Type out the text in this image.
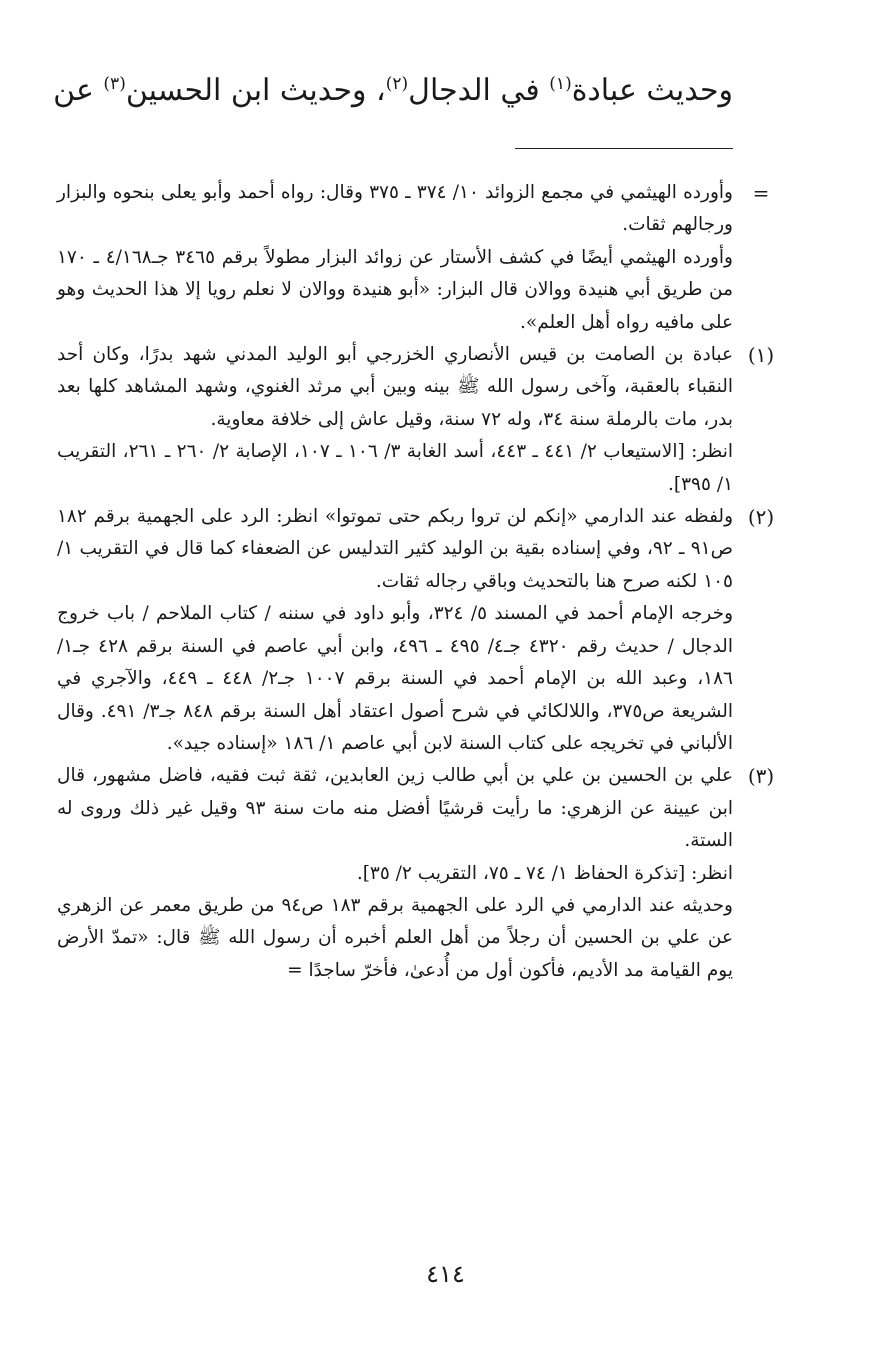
وحديث عبادة$^{(١)}$ في الدجال$^{(٢)}$، وحديث ابن الحسين$^{(٣)}$ عن
=

وأورده الهيثمي في مجمع الزوائد ١٠/ ٣٧٤ ـ ٣٧٥ وقال: رواه أحمد وأبو يعلى بنحوه والبزار ورجالهم ثقات.

وأورده الهيثمي أيضًا في كشف الأستار عن زوائد البزار مطولاً برقم ٣٤٦٥ جـ٤/١٦٨ ـ ١٧٠ من طريق أبي هنيدة ووالان قال البزار: «أبو هنيدة ووالان لا نعلم رويا إلا هذا الحديث وهو على مافيه رواه أهل العلم».

(١)

عبادة بن الصامت بن قيس الأنصاري الخزرجي أبو الوليد المدني شهد بدرًا، وكان أحد النقباء بالعقبة، وآخى رسول الله ﷺ بينه وبين أبي مرثد الغنوي، وشهد المشاهد كلها بعد بدر، مات بالرملة سنة ٣٤، وله ٧٢ سنة، وقيل عاش إلى خلافة معاوية.

انظر: [الاستيعاب ٢/ ٤٤١ ـ ٤٤٣، أسد الغابة ٣/ ١٠٦ ـ ١٠٧، الإصابة ٢/ ٢٦٠ ـ ٢٦١، التقريب ١/ ٣٩٥].

(٢)

ولفظه عند الدارمي «إنكم لن تروا ربكم حتى تموتوا» انظر: الرد على الجهمية برقم ١٨٢ ص٩١ ـ ٩٢، وفي إسناده بقية بن الوليد كثير التدليس عن الضعفاء كما قال في التقريب ١/ ١٠٥ لكنه صرح هنا بالتحديث وباقي رجاله ثقات.

وخرجه الإمام أحمد في المسند ٥/ ٣٢٤، وأبو داود في سننه / كتاب الملاحم / باب خروج الدجال / حديث رقم ٤٣٢٠ جـ٤/ ٤٩٥ ـ ٤٩٦، وابن أبي عاصم في السنة برقم ٤٢٨ جـ١/ ١٨٦، وعبد الله بن الإمام أحمد في السنة برقم ١٠٠٧ جـ٢/ ٤٤٨ ـ ٤٤٩، والآجري في الشريعة ص٣٧٥، واللالكائي في شرح أصول اعتقاد أهل السنة برقم ٨٤٨ جـ٣/ ٤٩١. وقال الألباني في تخريجه على كتاب السنة لابن أبي عاصم ١/ ١٨٦ «إسناده جيد».

(٣)

علي بن الحسين بن علي بن أبي طالب زين العابدين، ثقة ثبت فقيه، فاضل مشهور، قال ابن عيينة عن الزهري: ما رأيت قرشيًا أفضل منه مات سنة ٩٣ وقيل غير ذلك وروى له الستة.

انظر: [تذكرة الحفاظ ١/ ٧٤ ـ ٧٥، التقريب ٢/ ٣٥].

وحديثه عند الدارمي في الرد على الجهمية برقم ١٨٣ ص٩٤ من طريق معمر عن الزهري عن علي بن الحسين أن رجلاً من أهل العلم أخبره أن رسول الله ﷺ قال: «تمدّ الأرض يوم القيامة مد الأديم، فأكون أول من أُدعىٰ، فأخرّ ساجدًا =

٤١٤
